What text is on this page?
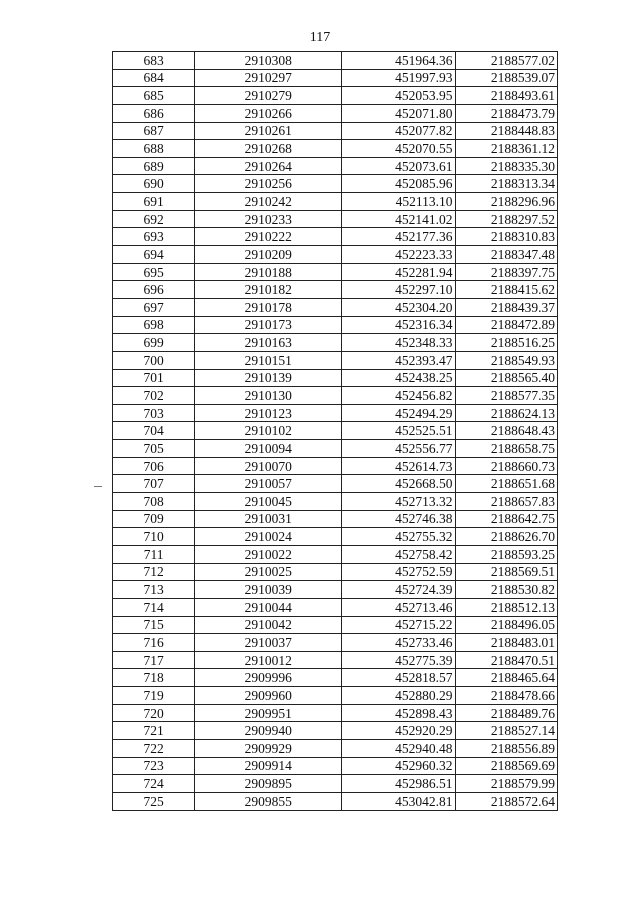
117
683	2910308	451964.36	2188577.02
684	2910297	451997.93	2188539.07
685	2910279	452053.95	2188493.61
686	2910266	452071.80	2188473.79
687	2910261	452077.82	2188448.83
688	2910268	452070.55	2188361.12
689	2910264	452073.61	2188335.30
690	2910256	452085.96	2188313.34
691	2910242	452113.10	2188296.96
692	2910233	452141.02	2188297.52
693	2910222	452177.36	2188310.83
694	2910209	452223.33	2188347.48
695	2910188	452281.94	2188397.75
696	2910182	452297.10	2188415.62
697	2910178	452304.20	2188439.37
698	2910173	452316.34	2188472.89
699	2910163	452348.33	2188516.25
700	2910151	452393.47	2188549.93
701	2910139	452438.25	2188565.40
702	2910130	452456.82	2188577.35
703	2910123	452494.29	2188624.13
704	2910102	452525.51	2188648.43
705	2910094	452556.77	2188658.75
706	2910070	452614.73	2188660.73
707	2910057	452668.50	2188651.68
708	2910045	452713.32	2188657.83
709	2910031	452746.38	2188642.75
710	2910024	452755.32	2188626.70
711	2910022	452758.42	2188593.25
712	2910025	452752.59	2188569.51
713	2910039	452724.39	2188530.82
714	2910044	452713.46	2188512.13
715	2910042	452715.22	2188496.05
716	2910037	452733.46	2188483.01
717	2910012	452775.39	2188470.51
718	2909996	452818.57	2188465.64
719	2909960	452880.29	2188478.66
720	2909951	452898.43	2188489.76
721	2909940	452920.29	2188527.14
722	2909929	452940.48	2188556.89
723	2909914	452960.32	2188569.69
724	2909895	452986.51	2188579.99
725	2909855	453042.81	2188572.64
